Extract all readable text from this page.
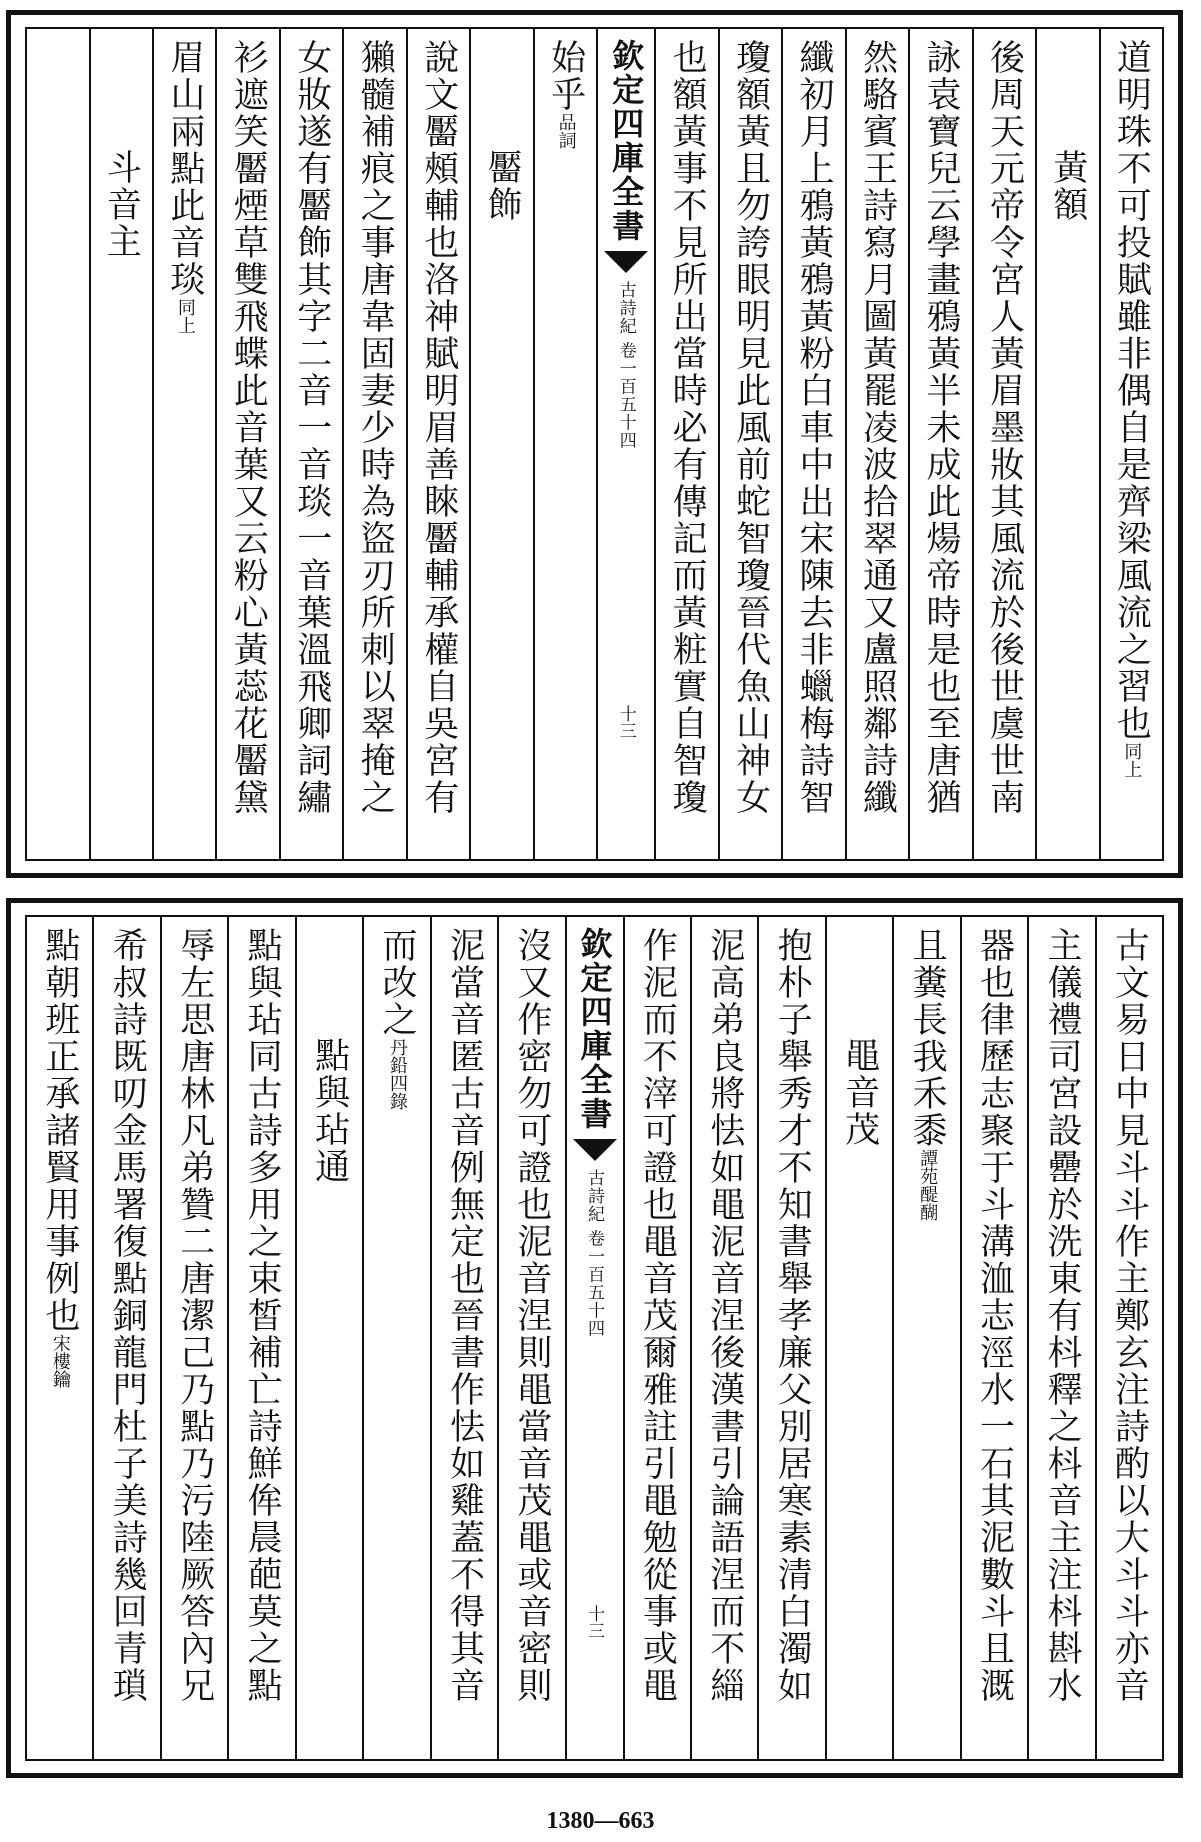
道明珠不可投賦雖非偶自是齊梁風流之習也同上
黃額
後周天元帝令宮人黃眉墨妝其風流於後世虞世南
詠袁寶兒云學畫鴉黃半未成此煬帝時是也至唐猶
然駱賓王詩寫月圖黃罷凌波拾翠通又盧照鄰詩纖
纖初月上鴉黃鴉黃粉白車中出宋陳去非蠟梅詩智
瓊額黃且勿誇眼明見此風前蛇智瓊晉代魚山神女
也額黃事不見所出當時必有傳記而黃粧實自智瓊
欽定四庫全書
古詩紀 卷一百五十四
十三
始乎品詞
靨飾
說文靨頰輔也洛神賦明眉善睞靨輔承權自吳宮有
獺髓補痕之事唐韋固妻少時為盜刃所刺以翠掩之
女妝遂有靨飾其字二音一音琰一音葉溫飛卿詞繡
衫遮笑靨煙草雙飛蝶此音葉又云粉心黃蕊花靨黛
眉山兩點此音琰同上
斗音主
古文易日中見斗斗作主鄭玄注詩酌以大斗斗亦音
主儀禮司宮設罍於洗東有枓釋之枓音主注枓斟水
器也律歷志聚于斗溝洫志涇水一石其泥數斗且溉
且糞長我禾黍譚苑醍醐
黽音茂
抱朴子舉秀才不知書舉孝廉父別居寒素清白濁如
泥高弟良將怯如黽泥音涅後漢書引論語涅而不緇
作泥而不滓可證也黽音茂爾雅註引黽勉從事或黽
欽定四庫全書
古詩紀 卷一百五十四
十三
沒又作密勿可證也泥音涅則黽當音茂黽或音密則
泥當音匿古音例無定也晉書作怯如雞蓋不得其音
而改之丹鉛四錄
點與玷通
點與玷同古詩多用之束皙補亡詩鮮侔晨葩莫之點
辱左思唐林凡弟贊二唐潔己乃點乃污陸厥答內兄
希叔詩既叨金馬署復點銅龍門杜子美詩幾回青瑣
點朝班正承諸賢用事例也宋樓鑰
1380—663
